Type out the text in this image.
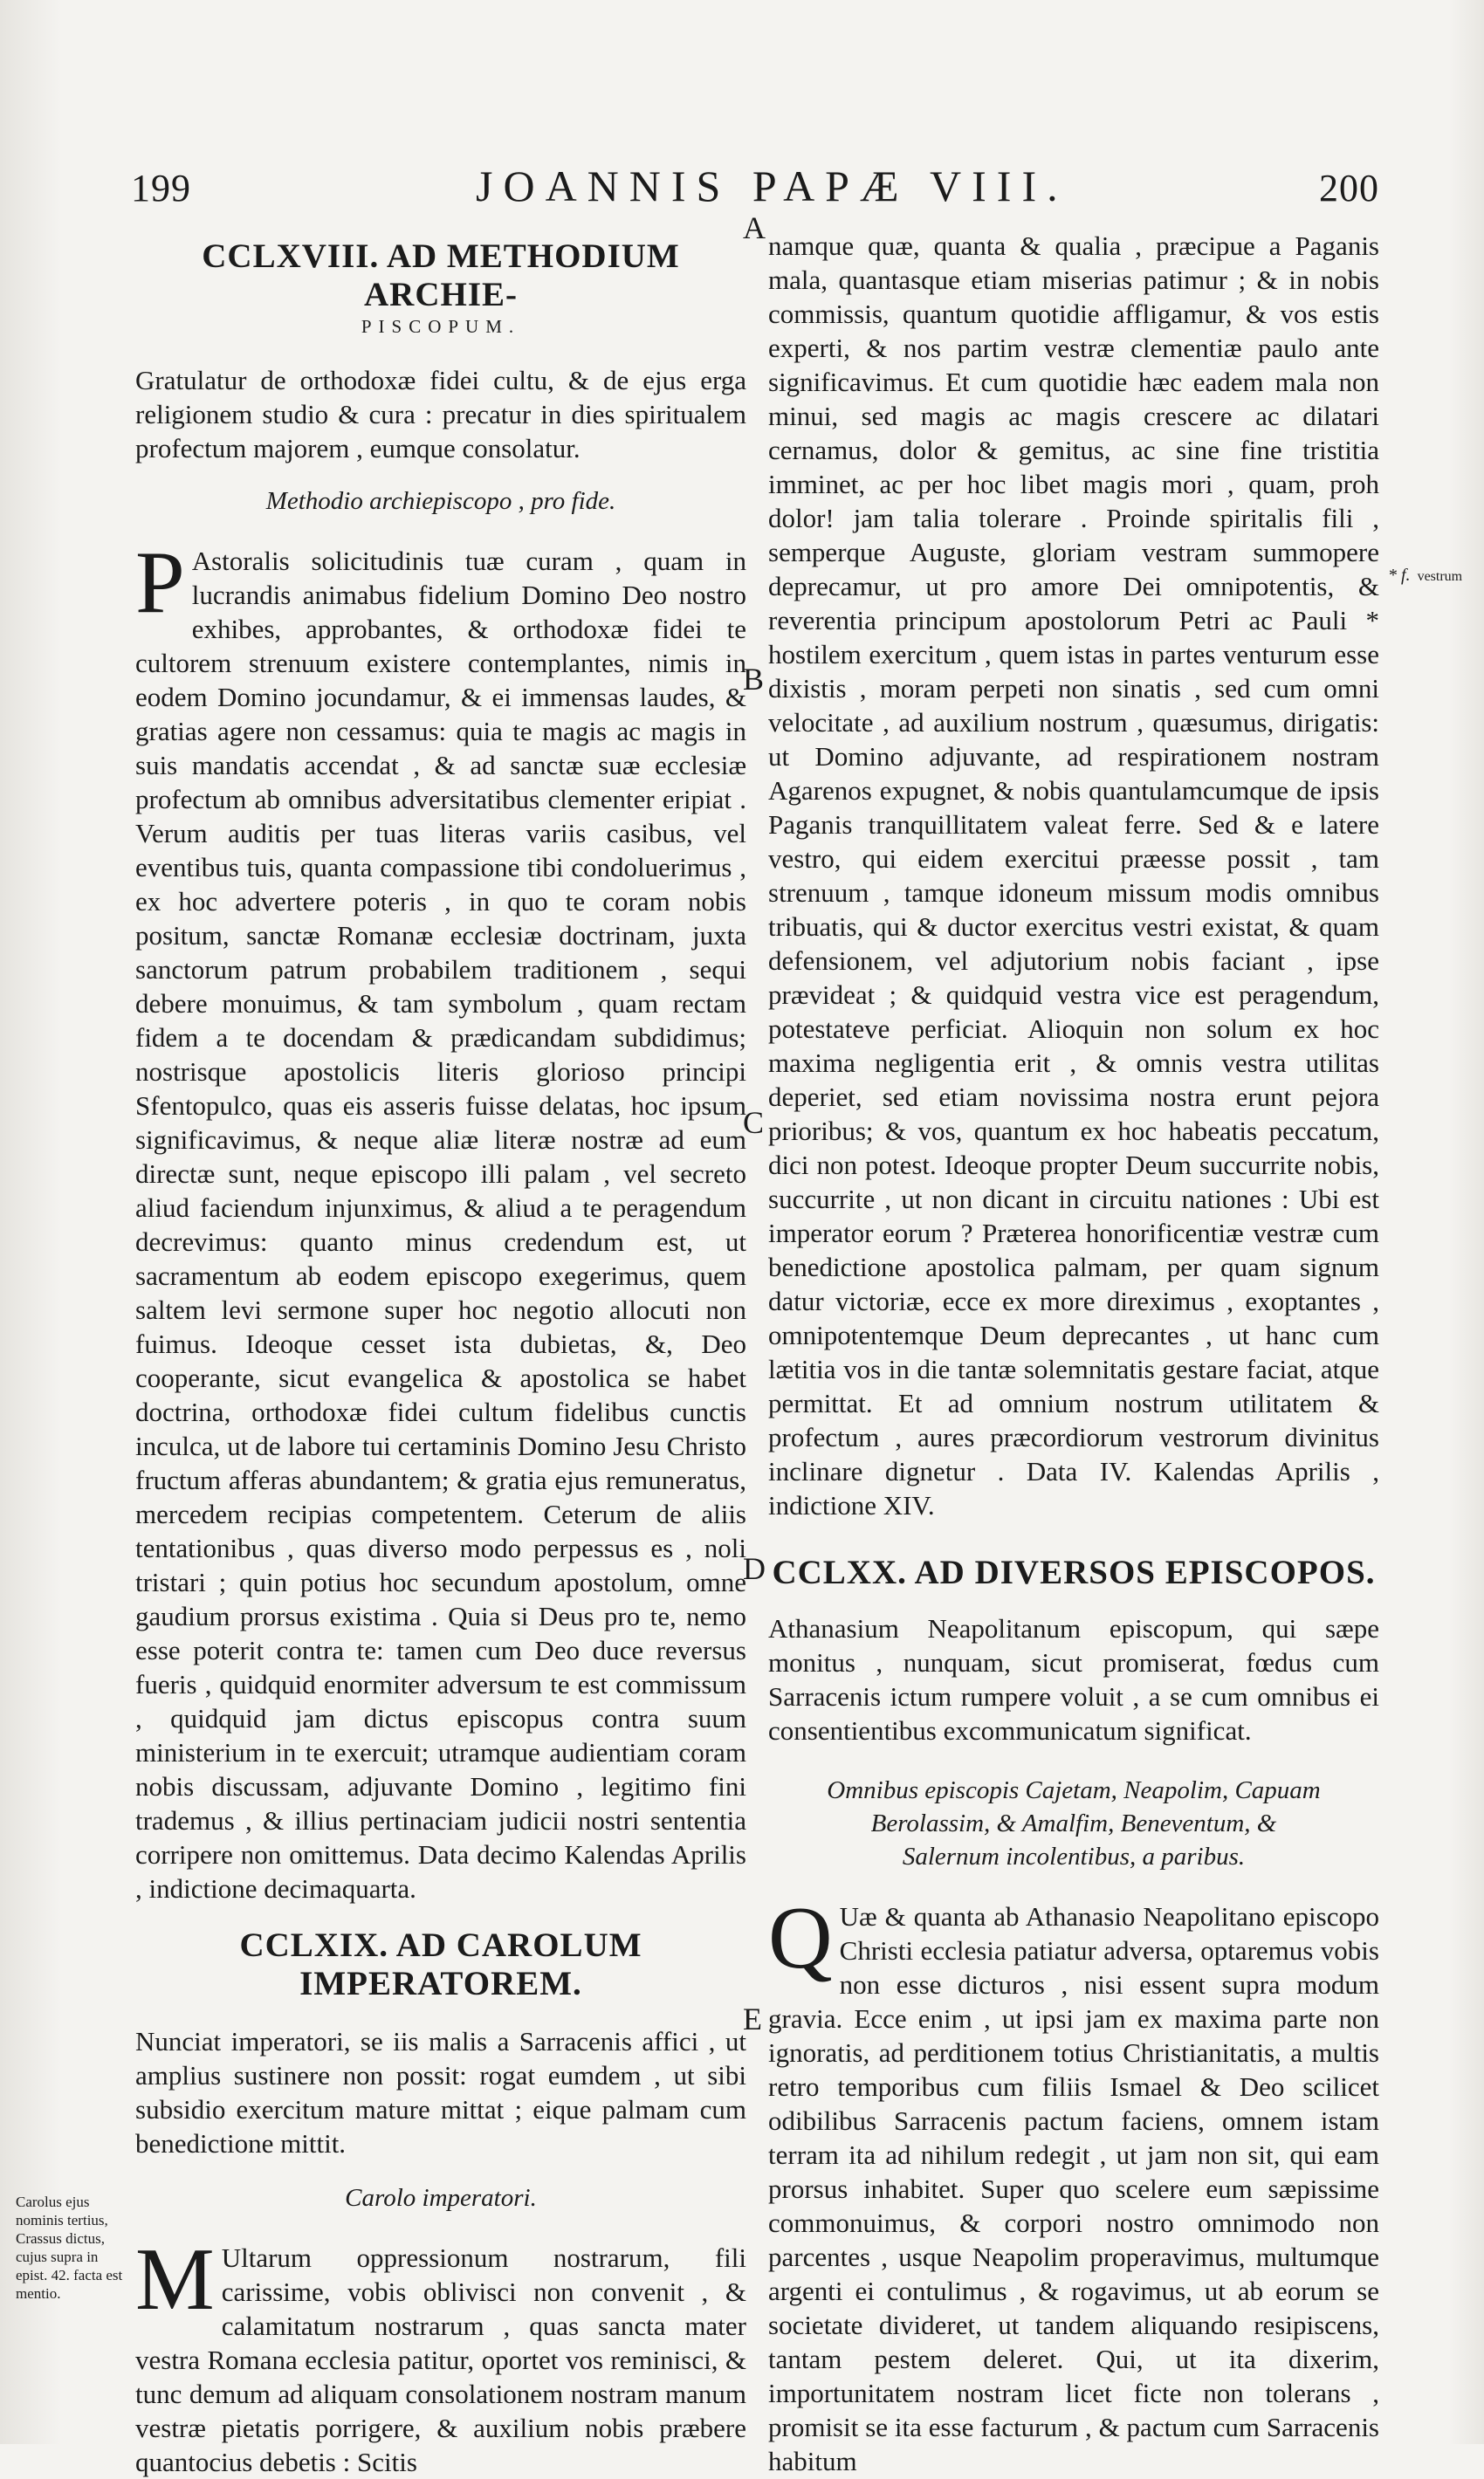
199	JOANNIS PAPÆ VIII.	200
A
B
C
D
E
* f. vestrum
Carolus ejus nominis tertius, Crassus dictus, cujus supra in epist. 42. facta est mentio.
CCLXVIII. AD METHODIUM ARCHIE-
PISCOPUM.

Gratulatur de orthodoxæ fidei cultu, & de ejus erga religionem studio & cura : precatur in dies spiritualem profectum majorem , eumque consolatur.

Methodio archiepiscopo , pro fide.

P Astoralis solicitudinis tuæ curam , quam in lucrandis animabus fidelium Domino Deo nostro exhibes, approbantes, & orthodoxæ fidei te cultorem strenuum existere contemplantes, nimis in eodem Domino jocundamur, & ei immensas laudes, & gratias agere non cessamus: quia te magis ac magis in suis mandatis accendat , & ad sanctæ suæ ecclesiæ profectum ab omnibus adversitatibus clementer eripiat . Verum auditis per tuas literas variis casibus, vel eventibus tuis, quanta compassione tibi condoluerimus , ex hoc advertere poteris , in quo te coram nobis positum, sanctæ Romanæ ecclesiæ doctrinam, juxta sanctorum patrum probabilem traditionem , sequi debere monuimus, & tam symbolum , quam rectam fidem a te docendam & prædicandam subdidimus; nostrisque apostolicis literis glorioso principi Sfentopulco, quas eis asseris fuisse delatas, hoc ipsum significavimus, & neque aliæ literæ nostræ ad eum directæ sunt, neque episcopo illi palam , vel secreto aliud faciendum injunximus, & aliud a te peragendum decrevimus: quanto minus credendum est, ut sacramentum ab eodem episcopo exegerimus, quem saltem levi sermone super hoc negotio allocuti non fuimus. Ideoque cesset ista dubietas, &, Deo cooperante, sicut evangelica & apostolica se habet doctrina, orthodoxæ fidei cultum fidelibus cunctis inculca, ut de labore tui certaminis Domino Jesu Christo fructum afferas abundantem; & gratia ejus remuneratus, mercedem recipias competentem. Ceterum de aliis tentationibus , quas diverso modo perpessus es , noli tristari ; quin potius hoc secundum apostolum, omne gaudium prorsus existima . Quia si Deus pro te, nemo esse poterit contra te: tamen cum Deo duce reversus fueris , quidquid enormiter adversum te est commissum , quidquid jam dictus episcopus contra suum ministerium in te exercuit; utramque audientiam coram nobis discussam, adjuvante Domino , legitimo fini trademus , & illius pertinaciam judicii nostri sententia corripere non omittemus. Data decimo Kalendas Aprilis , indictione decimaquarta.

CCLXIX. AD CAROLUM IMPERATOREM.

Nunciat imperatori, se iis malis a Sarracenis affici , ut amplius sustinere non possit: rogat eumdem , ut sibi subsidio exercitum mature mittat ; eique palmam cum benedictione mittit.

Carolo imperatori.

M Ultarum oppressionum nostrarum, fili carissime, vobis oblivisci non convenit , & calamitatum nostrarum , quas sancta mater vestra Romana ecclesia patitur, oportet vos reminisci, & tunc demum ad aliquam consolationem nostram manum vestræ pietatis porrigere, & auxilium nobis præbere quantocius debetis : Scitis

namque quæ, quanta & qualia , præcipue a Paganis mala, quantasque etiam miserias patimur ; & in nobis commissis, quantum quotidie affligamur, & vos estis experti, & nos partim vestræ clementiæ paulo ante significavimus. Et cum quotidie hæc eadem mala non minui, sed magis ac magis crescere ac dilatari cernamus, dolor & gemitus, ac sine fine tristitia imminet, ac per hoc libet magis mori , quam, proh dolor! jam talia tolerare . Proinde spiritalis fili , semperque Auguste, gloriam vestram summopere deprecamur, ut pro amore Dei omnipotentis, & reverentia principum apostolorum Petri ac Pauli * hostilem exercitum , quem istas in partes venturum esse dixistis , moram perpeti non sinatis , sed cum omni velocitate , ad auxilium nostrum , quæsumus, dirigatis: ut Domino adjuvante, ad respirationem nostram Agarenos expugnet, & nobis quantulamcumque de ipsis Paganis tranquillitatem valeat ferre. Sed & e latere vestro, qui eidem exercitui præesse possit , tam strenuum , tamque idoneum missum modis omnibus tribuatis, qui & ductor exercitus vestri existat, & quam defensionem, vel adjutorium nobis faciant , ipse prævideat ; & quidquid vestra vice est peragendum, potestateve perficiat. Alioquin non solum ex hoc maxima negligentia erit , & omnis vestra utilitas deperiet, sed etiam novissima nostra erunt pejora prioribus; & vos, quantum ex hoc habeatis peccatum, dici non potest. Ideoque propter Deum succurrite nobis, succurrite , ut non dicant in circuitu nationes : Ubi est imperator eorum ? Præterea honorificentiæ vestræ cum benedictione apostolica palmam, per quam signum datur victoriæ, ecce ex more direximus , exoptantes , omnipotentemque Deum deprecantes , ut hanc cum lætitia vos in die tantæ solemnitatis gestare faciat, atque permittat. Et ad omnium nostrum utilitatem & profectum , aures præcordiorum vestrorum divinitus inclinare dignetur . Data IV. Kalendas Aprilis , indictione XIV.

CCLXX. AD DIVERSOS EPISCOPOS.

Athanasium Neapolitanum episcopum, qui sæpe monitus , nunquam, sicut promiserat, fœdus cum Sarracenis ictum rumpere voluit , a se cum omnibus ei consentientibus excommunicatum significat.

Omnibus episcopis Cajetam, Neapolim, Capuam

Berolassim, & Amalfim, Beneventum, &

Salernum incolentibus, a paribus.

Q Uæ & quanta ab Athanasio Neapolitano episcopo Christi ecclesia patiatur adversa, optaremus vobis non esse dicturos , nisi essent supra modum gravia. Ecce enim , ut ipsi jam ex maxima parte non ignoratis, ad perditionem totius Christianitatis, a multis retro temporibus cum filiis Ismael & Deo scilicet odibilibus Sarracenis pactum faciens, omnem istam terram ita ad nihilum redegit , ut jam non sit, qui eam prorsus inhabitet. Super quo scelere eum sæpissime commonuimus, & corpori nostro omnimodo non parcentes , usque Neapolim properavimus, multumque argenti ei contulimus , & rogavimus, ut ab eorum se societate divideret, ut tandem aliquando resipiscens, tantam pestem deleret. Qui, ut ita dixerim, importunitatem nostram licet ficte non tolerans , promisit se ita esse facturum , & pactum cum Sarracenis habitum
